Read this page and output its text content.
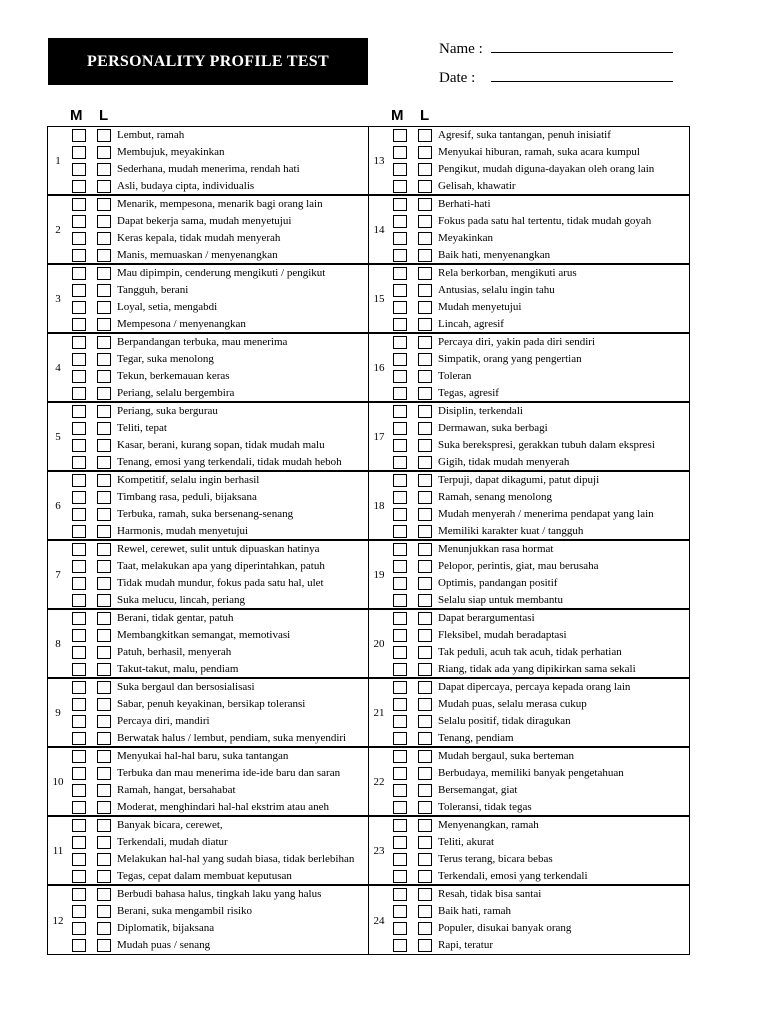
PERSONALITY PROFILE TEST
Name :
Date :
M L	M L
1
Lembut, ramah
Membujuk, meyakinkan
Sederhana, mudah menerima, rendah hati
Asli, budaya cipta, individualis
2
Menarik, mempesona, menarik bagi orang lain
Dapat bekerja sama, mudah menyetujui
Keras kepala, tidak mudah menyerah
Manis, memuaskan / menyenangkan
3
Mau dipimpin, cenderung mengikuti / pengikut
Tangguh, berani
Loyal, setia, mengabdi
Mempesona / menyenangkan
4
Berpandangan terbuka, mau menerima
Tegar, suka menolong
Tekun, berkemauan keras
Periang, selalu bergembira
5
Periang, suka bergurau
Teliti, tepat
Kasar, berani, kurang sopan, tidak mudah malu
Tenang, emosi yang terkendali, tidak mudah heboh
6
Kompetitif, selalu ingin berhasil
Timbang rasa, peduli, bijaksana
Terbuka, ramah, suka bersenang-senang
Harmonis, mudah menyetujui
7
Rewel, cerewet, sulit untuk dipuaskan hatinya
Taat, melakukan apa yang diperintahkan, patuh
Tidak mudah mundur, fokus pada satu hal, ulet
Suka melucu, lincah, periang
8
Berani, tidak gentar, patuh
Membangkitkan semangat, memotivasi
Patuh, berhasil, menyerah
Takut-takut, malu, pendiam
9
Suka bergaul dan bersosialisasi
Sabar, penuh keyakinan, bersikap toleransi
Percaya diri, mandiri
Berwatak halus / lembut, pendiam, suka menyendiri
10
Menyukai hal-hal baru, suka tantangan
Terbuka dan mau menerima ide-ide baru dan saran
Ramah, hangat, bersahabat
Moderat, menghindari hal-hal ekstrim atau aneh
11
Banyak bicara, cerewet,
Terkendali, mudah diatur
Melakukan hal-hal yang sudah biasa, tidak berlebihan
Tegas, cepat dalam membuat keputusan
12
Berbudi bahasa halus, tingkah laku yang halus
Berani, suka mengambil risiko
Diplomatik, bijaksana
Mudah puas / senang
13
Agresif, suka tantangan, penuh inisiatif
Menyukai hiburan, ramah, suka acara kumpul
Pengikut, mudah diguna-dayakan oleh orang lain
Gelisah, khawatir
14
Berhati-hati
Fokus pada satu hal tertentu, tidak mudah goyah
Meyakinkan
Baik hati, menyenangkan
15
Rela berkorban, mengikuti arus
Antusias, selalu ingin tahu
Mudah menyetujui
Lincah, agresif
16
Percaya diri, yakin pada diri sendiri
Simpatik, orang yang pengertian
Toleran
Tegas, agresif
17
Disiplin, terkendali
Dermawan, suka berbagi
Suka berekspresi, gerakkan tubuh dalam ekspresi
Gigih, tidak mudah menyerah
18
Terpuji, dapat dikagumi, patut dipuji
Ramah, senang menolong
Mudah menyerah / menerima pendapat yang lain
Memiliki karakter kuat / tangguh
19
Menunjukkan rasa hormat
Pelopor, perintis, giat, mau berusaha
Optimis, pandangan positif
Selalu siap untuk membantu
20
Dapat berargumentasi
Fleksibel, mudah beradaptasi
Tak peduli, acuh tak acuh, tidak perhatian
Riang, tidak ada yang dipikirkan sama sekali
21
Dapat dipercaya, percaya kepada orang lain
Mudah puas, selalu merasa cukup
Selalu positif, tidak diragukan
Tenang, pendiam
22
Mudah bergaul, suka berteman
Berbudaya, memiliki banyak pengetahuan
Bersemangat, giat
Toleransi, tidak tegas
23
Menyenangkan, ramah
Teliti, akurat
Terus terang, bicara bebas
Terkendali, emosi yang terkendali
24
Resah, tidak bisa santai
Baik hati, ramah
Populer, disukai banyak orang
Rapi, teratur
